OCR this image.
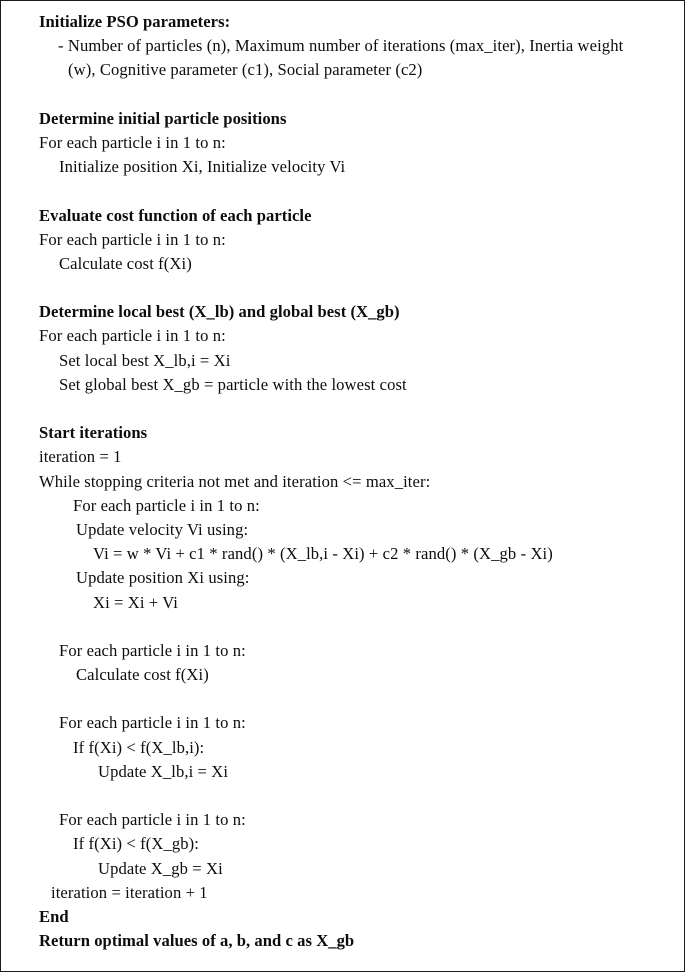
Initialize PSO parameters:
- Number of particles (n), Maximum number of iterations (max_iter), Inertia weight
(w), Cognitive parameter (c1), Social parameter (c2)
Determine initial particle positions
For each particle i in 1 to n:
Initialize position Xi, Initialize velocity Vi
Evaluate cost function of each particle
For each particle i in 1 to n:
Calculate cost f(Xi)
Determine local best (X_lb) and global best (X_gb)
For each particle i in 1 to n:
Set local best X_lb,i = Xi
Set global best X_gb = particle with the lowest cost
Start iterations
iteration = 1
While stopping criteria not met and iteration <= max_iter:
For each particle i in 1 to n:
Update velocity Vi using:
Vi = w * Vi + c1 * rand() * (X_lb,i - Xi) + c2 * rand() * (X_gb - Xi)
Update position Xi using:
Xi = Xi + Vi
For each particle i in 1 to n:
Calculate cost f(Xi)
For each particle i in 1 to n:
If f(Xi) < f(X_lb,i):
Update X_lb,i = Xi
For each particle i in 1 to n:
If f(Xi) < f(X_gb):
Update X_gb = Xi
iteration = iteration + 1
End
Return optimal values of a, b, and c as X_gb
